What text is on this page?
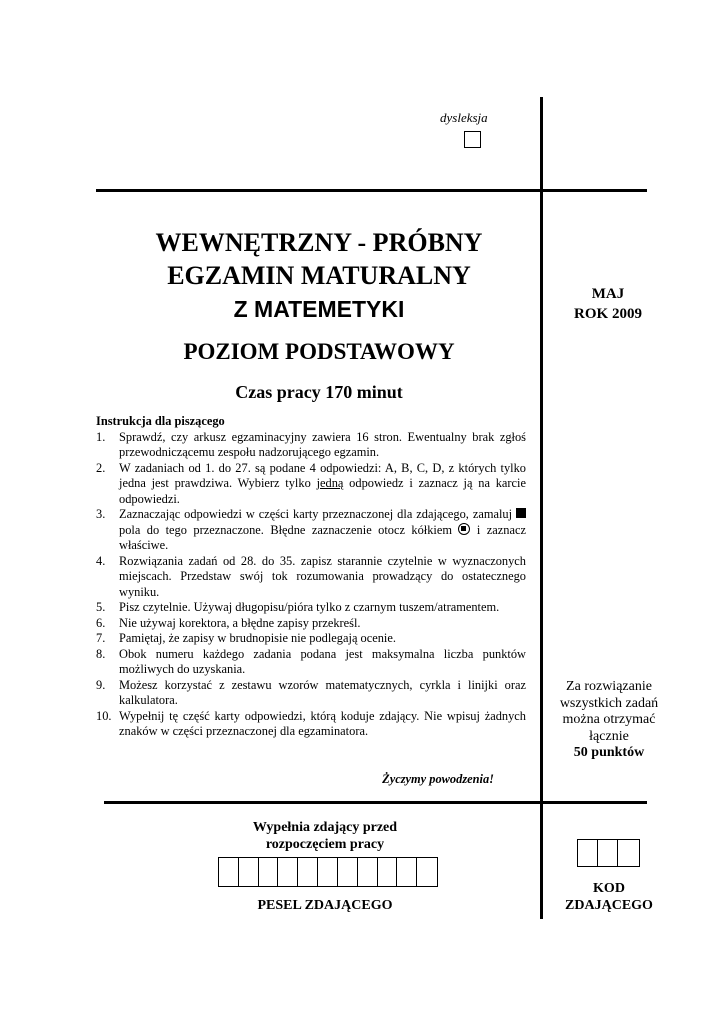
dysleksja
WEWNĘTRZNY - PRÓBNY
EGZAMIN MATURALNY
Z MATEMETYKI
POZIOM PODSTAWOWY
Czas pracy 170 minut
MAJ
ROK 2009
Instrukcja dla piszącego
1. Sprawdź, czy arkusz egzaminacyjny zawiera 16 stron. Ewentualny brak zgłoś przewodniczącemu zespołu nadzorującego egzamin.
2. W zadaniach od 1. do 27. są podane 4 odpowiedzi: A, B, C, D, z których tylko jedna jest prawdziwa. Wybierz tylko jedną odpowiedz i zaznacz ją na karcie odpowiedzi.
3. Zaznaczając odpowiedzi w części karty przeznaczonej dla zdającego, zamaluj  pola do tego przeznaczone. Błędne zaznaczenie otocz kółkiem
i zaznacz właściwe.
4. Rozwiązania zadań od 28. do 35. zapisz starannie czytelnie w wyznaczonych miejscach. Przedstaw swój tok rozumowania prowadzący do ostatecznego wyniku.
5. Pisz czytelnie. Używaj długopisu/pióra tylko z czarnym tuszem/atramentem.
6. Nie używaj korektora, a błędne zapisy przekreśl.
7. Pamiętaj, że zapisy w brudnopisie nie podlegają ocenie.
8. Obok numeru każdego zadania podana jest maksymalna liczba punktów możliwych do uzyskania.
9. Możesz korzystać z zestawu wzorów matematycznych, cyrkla i linijki oraz kalkulatora.
10. Wypełnij tę część karty odpowiedzi, którą koduje zdający. Nie wpisuj żadnych znaków w części przeznaczonej dla egzaminatora.
Życzymy powodzenia!
Za rozwiązanie
wszystkich zadań
można otrzymać
łącznie
50 punktów
Wypełnia zdający przed
rozpoczęciem pracy
PESEL ZDAJĄCEGO
KOD
ZDAJĄCEGO
